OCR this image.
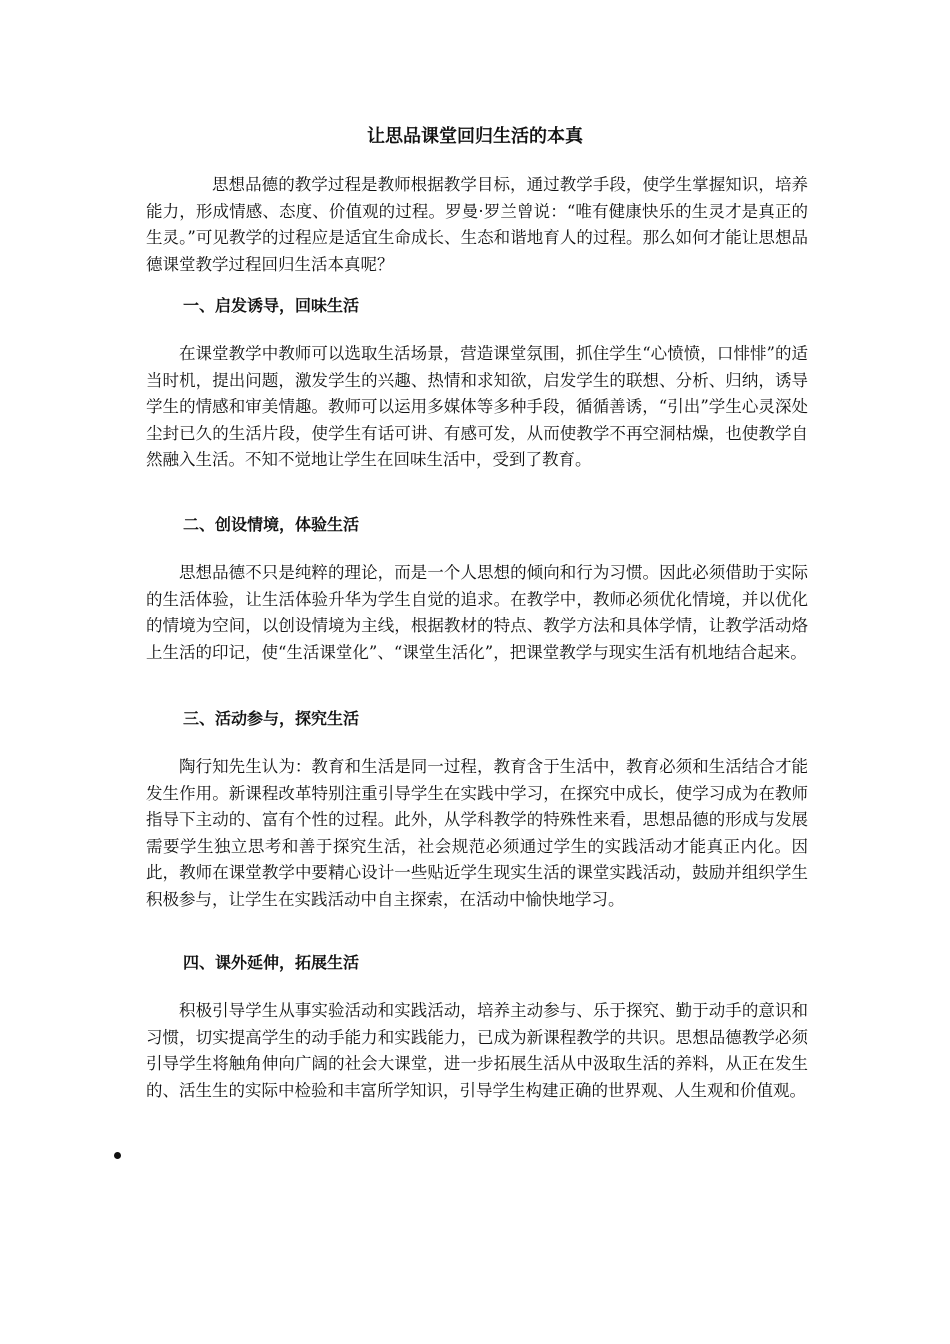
让思品课堂回归生活的本真

思想品德的教学过程是教师根据教学目标，通过教学手段，使学生掌握知识，培养能力，形成情感、态度、价值观的过程。罗曼·罗兰曾说：“唯有健康快乐的生灵才是真正的生灵。”可见教学的过程应是适宜生命成长、生态和谐地育人的过程。那么如何才能让思想品德课堂教学过程回归生活本真呢？

一、启发诱导，回味生活

在课堂教学中教师可以选取生活场景，营造课堂氛围，抓住学生“心愤愤，口悱悱”的适当时机，提出问题，激发学生的兴趣、热情和求知欲，启发学生的联想、分析、归纳，诱导学生的情感和审美情趣。教师可以运用多媒体等多种手段，循循善诱，“引出”学生心灵深处尘封已久的生活片段，使学生有话可讲、有感可发，从而使教学不再空洞枯燥，也使教学自然融入生活。不知不觉地让学生在回味生活中，受到了教育。

二、创设情境，体验生活

思想品德不只是纯粹的理论，而是一个人思想的倾向和行为习惯。因此必须借助于实际的生活体验，让生活体验升华为学生自觉的追求。在教学中，教师必须优化情境，并以优化的情境为空间，以创设情境为主线，根据教材的特点、教学方法和具体学情，让教学活动烙上生活的印记，使“生活课堂化”、“课堂生活化”，把课堂教学与现实生活有机地结合起来。

三、活动参与，探究生活

陶行知先生认为：教育和生活是同一过程，教育含于生活中，教育必须和生活结合才能发生作用。新课程改革特别注重引导学生在实践中学习，在探究中成长，使学习成为在教师指导下主动的、富有个性的过程。此外，从学科教学的特殊性来看，思想品德的形成与发展需要学生独立思考和善于探究生活，社会规范必须通过学生的实践活动才能真正内化。因此，教师在课堂教学中要精心设计一些贴近学生现实生活的课堂实践活动，鼓励并组织学生积极参与，让学生在实践活动中自主探索，在活动中愉快地学习。

四、课外延伸，拓展生活

积极引导学生从事实验活动和实践活动，培养主动参与、乐于探究、勤于动手的意识和习惯，切实提高学生的动手能力和实践能力，已成为新课程教学的共识。思想品德教学必须引导学生将触角伸向广阔的社会大课堂，进一步拓展生活从中汲取生活的养料，从正在发生的、活生生的实际中检验和丰富所学知识，引导学生构建正确的世界观、人生观和价值观。
